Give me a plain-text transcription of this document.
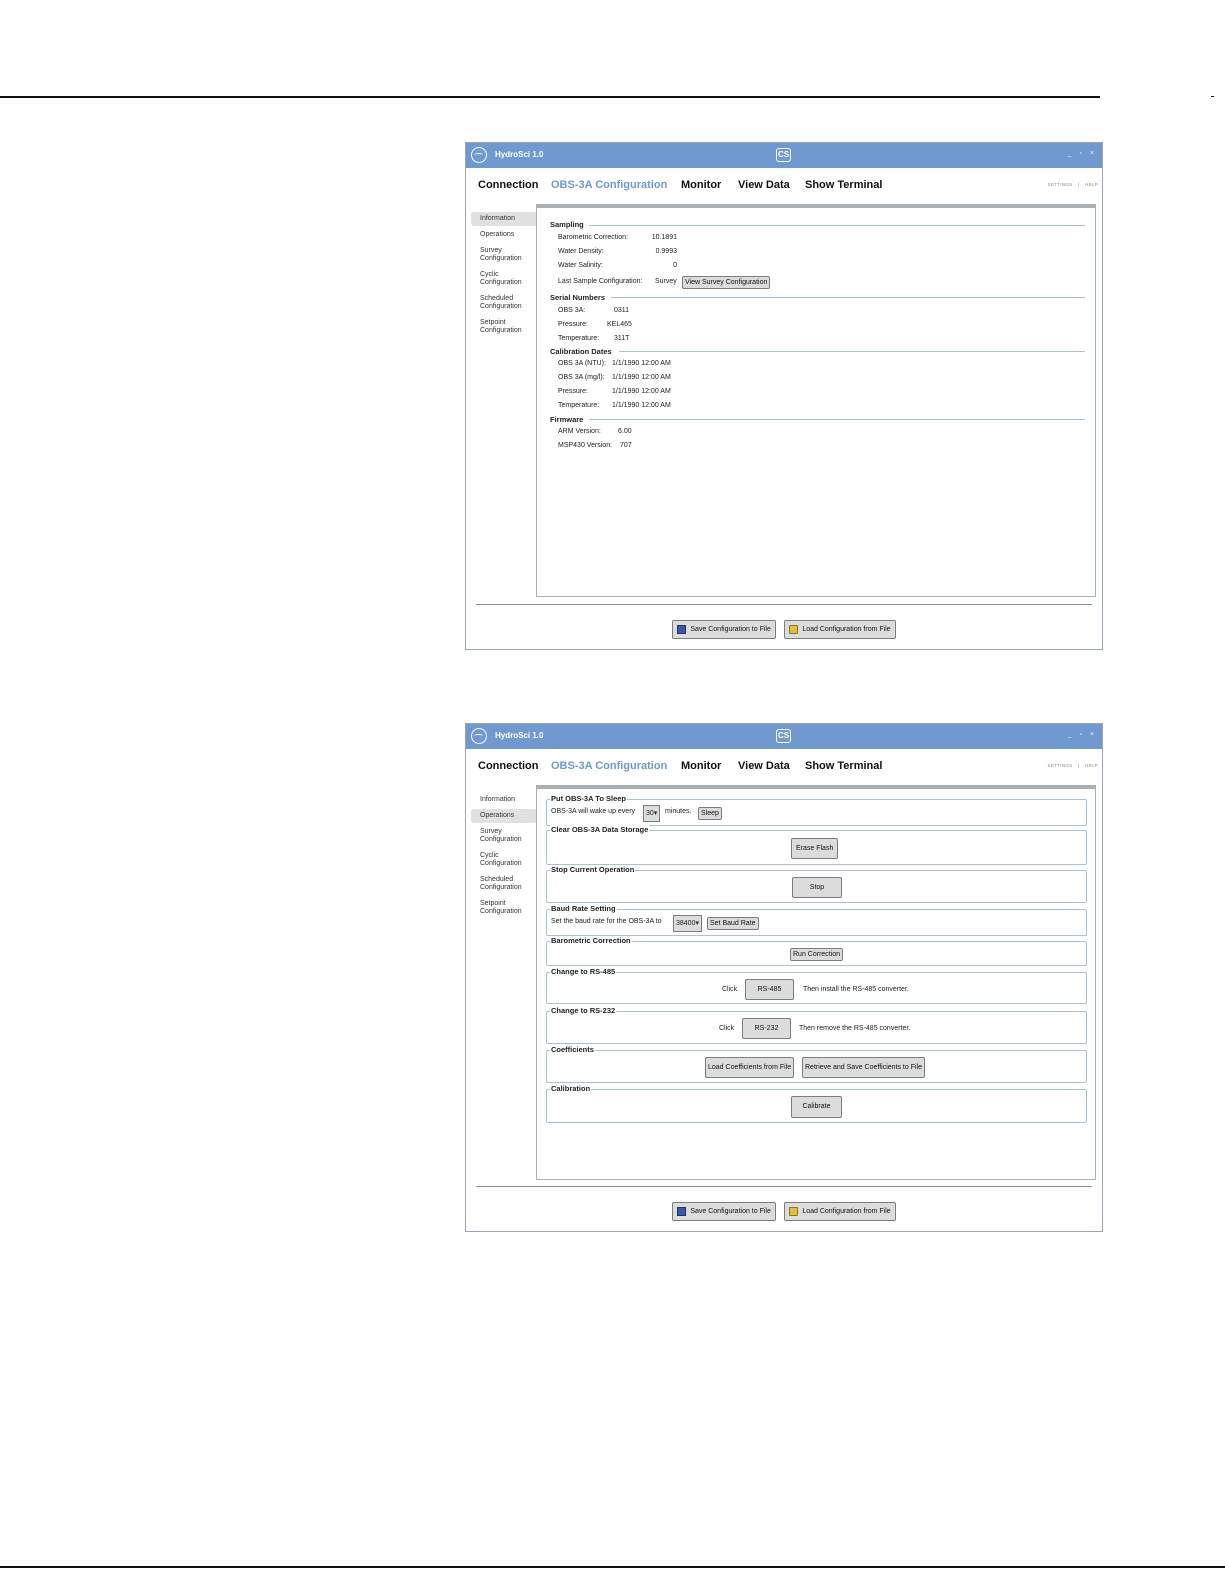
HydroSci 1.0	CS	_ ▫ ×
Connection OBS-3A Configuration Monitor View Data Show Terminal	SETTINGS | HELP
Information
Operations
Survey Configuration
Cyclic Configuration
Scheduled Configuration
Setpoint Configuration
Sampling
Barometric Correction:	10.1891
Water Density:	0.9993
Water Salinity:	0
Last Sample Configuration: Survey	View Survey Configuration
Serial Numbers
OBS 3A:	0311
Pressure:	KEL465
Temperature: 311T
Calibration Dates
OBS 3A (NTU): 1/1/1990 12:00 AM
OBS 3A (mg/l): 1/1/1990 12:00 AM
Pressure:	1/1/1990 12:00 AM
Temperature: 1/1/1990 12:00 AM
Firmware
ARM Version: 6.00
MSP430 Version: 707
Save Configuration to File	Load Configuration from File
HydroSci 1.0	CS	_ ▫ ×
Connection OBS-3A Configuration Monitor View Data Show Terminal	SETTINGS | HELP
Information
Operations
Survey Configuration
Cyclic Configuration
Scheduled Configuration
Setpoint Configuration
Put OBS-3A To Sleep
OBS-3A will wake up every	30▾	minutes.	Sleep
Clear OBS-3A Data Storage
Erase Flash
Stop Current Operation
Stop
Baud Rate Setting
Set the baud rate for the OBS-3A to	38400▾	Set Baud Rate
Barometric Correction
Run Correction
Change to RS-485
Click	RS-485	Then install the RS-485 converter.
Change to RS-232
Click	RS-232	Then remove the RS-485 converter.
Coefficients
Load Coefficients from File	Retrieve and Save Coefficients to File
Calibration
Calibrate
Save Configuration to File	Load Configuration from File
